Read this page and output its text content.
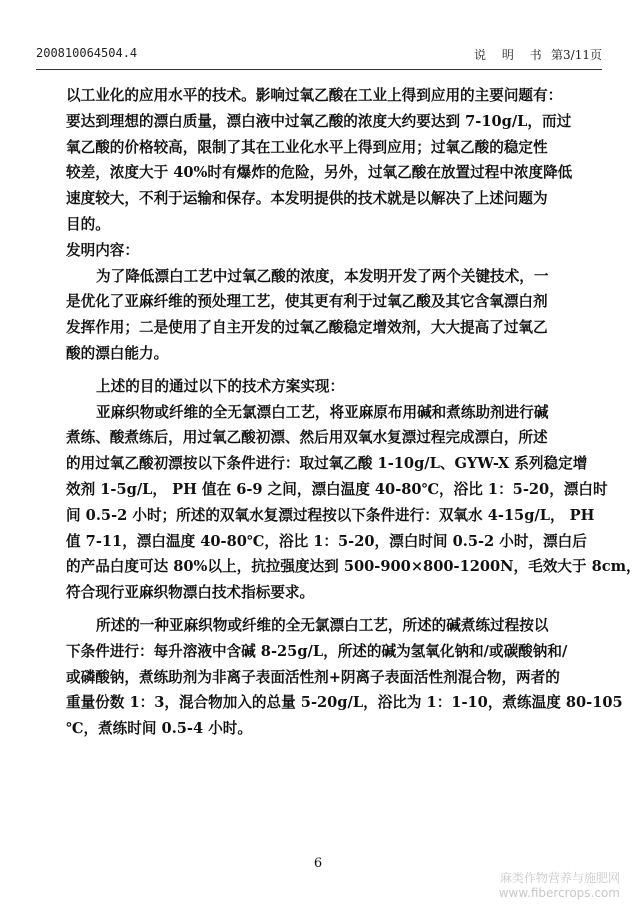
200810064504.4	说 明 书 第3/11页
以工业化的应用水平的技术。影响过氧乙酸在工业上得到应用的主要问题有：
要达到理想的漂白质量，漂白液中过氧乙酸的浓度大约要达到 7-10g/L，而过
氧乙酸的价格较高，限制了其在工业化水平上得到应用；过氧乙酸的稳定性
较差，浓度大于 40%时有爆炸的危险，另外，过氧乙酸在放置过程中浓度降低
速度较大，不利于运输和保存。本发明提供的技术就是以解决了上述问题为
目的。
发明内容：
为了降低漂白工艺中过氧乙酸的浓度，本发明开发了两个关键技术，一
是优化了亚麻纤维的预处理工艺，使其更有利于过氧乙酸及其它含氧漂白剂
发挥作用；二是使用了自主开发的过氧乙酸稳定增效剂，大大提高了过氧乙
酸的漂白能力。
上述的目的通过以下的技术方案实现：
亚麻织物或纤维的全无氯漂白工艺，将亚麻原布用碱和煮练助剂进行碱
煮练、酸煮练后，用过氧乙酸初漂、然后用双氧水复漂过程完成漂白，所述
的用过氧乙酸初漂按以下条件进行：取过氧乙酸 1-10g/L、GYW-X 系列稳定增
效剂 1-5g/L， PH 值在 6-9 之间，漂白温度 40-80℃，浴比 1：5-20，漂白时
间 0.5-2 小时；所述的双氧水复漂过程按以下条件进行：双氧水 4-15g/L， PH
值 7-11，漂白温度 40-80℃，浴比 1：5-20，漂白时间 0.5-2 小时，漂白后
的产品白度可达 80%以上，抗拉强度达到 500-900×800-1200N，毛效大于 8cm，
符合现行亚麻织物漂白技术指标要求。
所述的一种亚麻织物或纤维的全无氯漂白工艺，所述的碱煮练过程按以
下条件进行：每升溶液中含碱 8-25g/L，所述的碱为氢氧化钠和/或碳酸钠和/
或磷酸钠，煮练助剂为非离子表面活性剂+阴离子表面活性剂混合物，两者的
重量份数 1：3，混合物加入的总量 5-20g/L，浴比为 1：1-10，煮练温度 80-105
℃，煮练时间 0.5-4 小时。
6
麻类作物营养与施肥网
www.fibercrops.com
